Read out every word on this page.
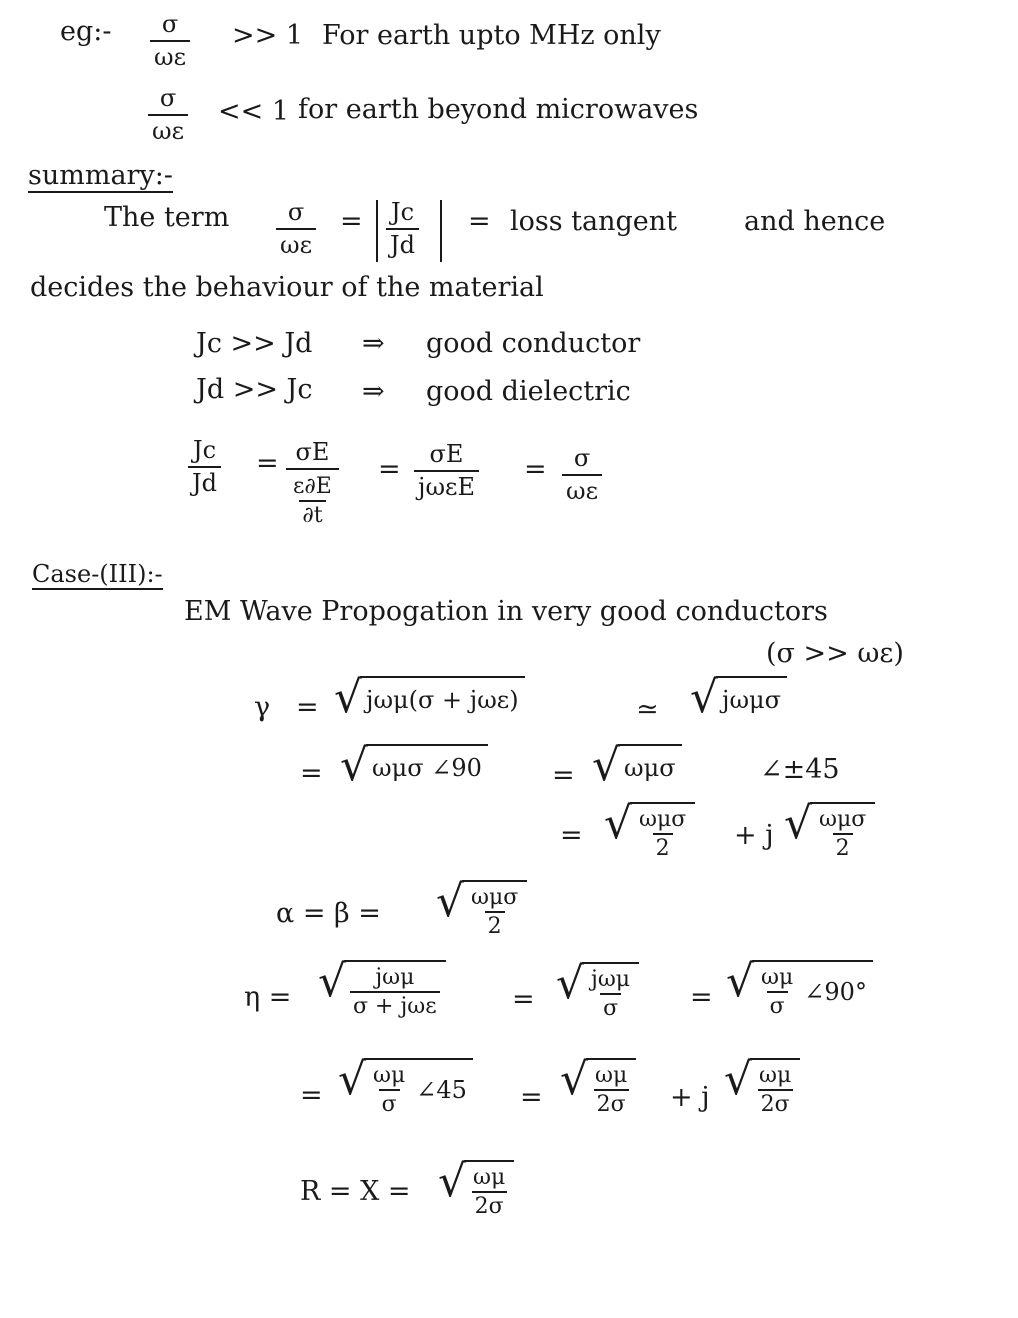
eg:- $\frac{\sigma}{\omega\varepsilon} >> 1$ For earth upto MHz only
$\frac{\sigma}{\omega\varepsilon} << 1$ for earth beyond microwaves
summary:-
The term $\frac{\sigma}{\omega\varepsilon} = \frac{Jc}{Jd}$ = loss tangent and hence
decides the behaviour of the material
Jc >> Jd ⇒ good conductor
Jd >> Jc ⇒ good dielectric
$\frac{Jc}{Jd} = \frac{\sigma E}{\frac{\varepsilon\partial E}{\partial t}} = \sigma E$
jωεE
= $\frac{\sigma}{\omega\varepsilon}$
Case-(III):-
EM Wave Propogation in very good conductors
(σ >> ωε)
γ = √ jωμ(σ + jωε)	≃ √ jωμσ
= √ ωμσ ∠90	= √ ωμσ	∠±45
= √ $\frac{\text{ωμσ}}{2} + j$ √ $\frac{\text{ωμσ}}{2}$
α = β = √ $\frac{\text{ωμσ}}{2}$
η = √ $\frac{\text{jωμ}}{\text{σ + jωε}}$	= √ $\frac{\text{jωμ}}{\sigma}$ = √ $\frac{\omega\mu}{\sigma}$ ∠90°
= √ $\frac{\omega\mu}{\sigma}$ ∠45 = √ $\frac{\omega\mu}{2\sigma} + j$ √ $\frac{\omega\mu}{2\sigma}$
R = X = √ $\frac{\omega\mu}{2\sigma}$
